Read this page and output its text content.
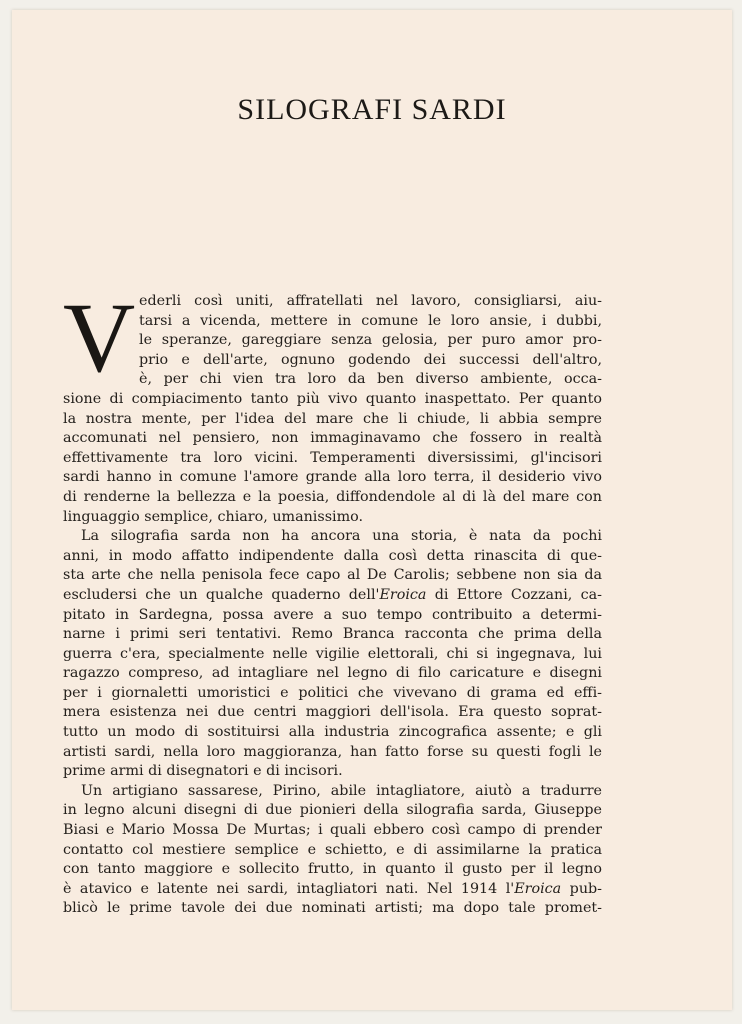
SILOGRAFI SARDI
V ederli così uniti, affratellati nel lavoro, consigliarsi, aiu-
tarsi a vicenda, mettere in comune le loro ansie, i dubbi,
le speranze, gareggiare senza gelosia, per puro amor pro-
prio e dell'arte, ognuno godendo dei successi dell'altro,
è, per chi vien tra loro da ben diverso ambiente, occa-
sione di compiacimento tanto più vivo quanto inaspettato. Per quanto
la nostra mente, per l'idea del mare che li chiude, li abbia sempre
accomunati nel pensiero, non immaginavamo che fossero in realtà
effettivamente tra loro vicini. Temperamenti diversissimi, gl'incisori
sardi hanno in comune l'amore grande alla loro terra, il desiderio vivo
di renderne la bellezza e la poesia, diffondendole al di là del mare con
linguaggio semplice, chiaro, umanissimo.
La silografia sarda non ha ancora una storia, è nata da pochi
anni, in modo affatto indipendente dalla così detta rinascita di que-
sta arte che nella penisola fece capo al De Carolis; sebbene non sia da
escludersi che un qualche quaderno dell'Eroica di Ettore Cozzani, ca-
pitato in Sardegna, possa avere a suo tempo contribuito a determi-
narne i primi seri tentativi. Remo Branca racconta che prima della
guerra c'era, specialmente nelle vigilie elettorali, chi si ingegnava, lui
ragazzo compreso, ad intagliare nel legno di filo caricature e disegni
per i giornaletti umoristici e politici che vivevano di grama ed effi-
mera esistenza nei due centri maggiori dell'isola. Era questo soprat-
tutto un modo di sostituirsi alla industria zincografica assente; e gli
artisti sardi, nella loro maggioranza, han fatto forse su questi fogli le
prime armi di disegnatori e di incisori.
Un artigiano sassarese, Pirino, abile intagliatore, aiutò a tradurre
in legno alcuni disegni di due pionieri della silografia sarda, Giuseppe
Biasi e Mario Mossa De Murtas; i quali ebbero così campo di prender
contatto col mestiere semplice e schietto, e di assimilarne la pratica
con tanto maggiore e sollecito frutto, in quanto il gusto per il legno
è atavico e latente nei sardi, intagliatori nati. Nel 1914 l'Eroica pub-
blicò le prime tavole dei due nominati artisti; ma dopo tale promet-
